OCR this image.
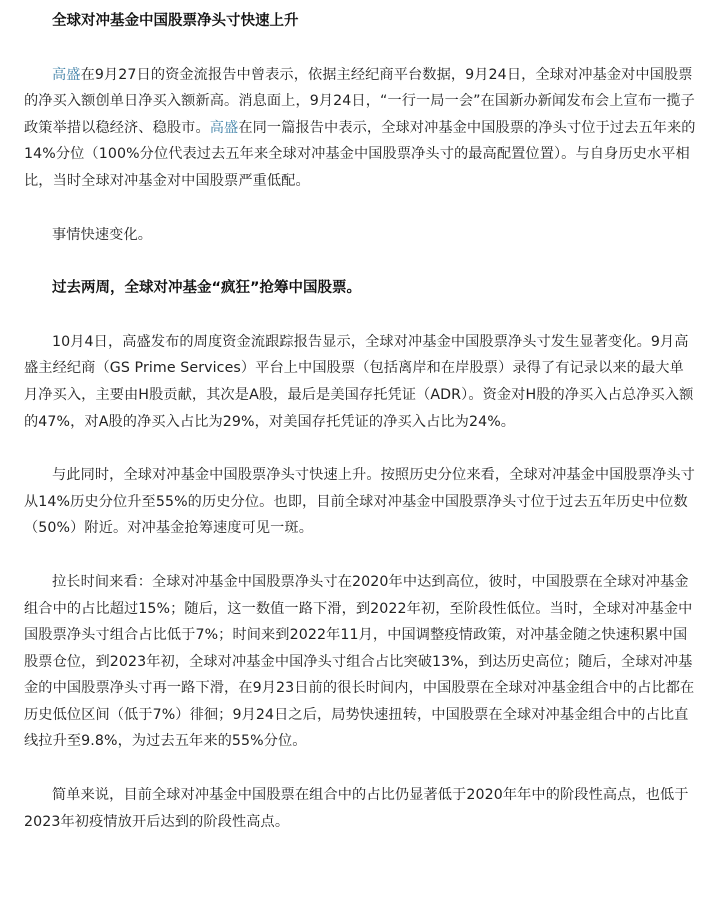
全球对冲基金中国股票净头寸快速上升

高盛在9月27日的资金流报告中曾表示，依据主经纪商平台数据，9月24日，全球对冲基金对中国股票的净买入额创单日净买入额新高。消息面上，9月24日，“一行一局一会”在国新办新闻发布会上宣布一揽子政策举措以稳经济、稳股市。高盛在同一篇报告中表示，全球对冲基金中国股票的净头寸位于过去五年来的14%分位（100%分位代表过去五年来全球对冲基金中国股票净头寸的最高配置位置）。与自身历史水平相比，当时全球对冲基金对中国股票严重低配。

事情快速变化。

过去两周，全球对冲基金“疯狂”抢筹中国股票。

10月4日，高盛发布的周度资金流跟踪报告显示，全球对冲基金中国股票净头寸发生显著变化。9月高盛主经纪商（GS Prime Services）平台上中国股票（包括离岸和在岸股票）录得了有记录以来的最大单月净买入，主要由H股贡献，其次是A股，最后是美国存托凭证（ADR）。资金对H股的净买入占总净买入额的47%，对A股的净买入占比为29%，对美国存托凭证的净买入占比为24%。

与此同时，全球对冲基金中国股票净头寸快速上升。按照历史分位来看，全球对冲基金中国股票净头寸从14%历史分位升至55%的历史分位。也即，目前全球对冲基金中国股票净头寸位于过去五年历史中位数（50%）附近。对冲基金抢筹速度可见一斑。

拉长时间来看：全球对冲基金中国股票净头寸在2020年中达到高位，彼时，中国股票在全球对冲基金组合中的占比超过15%；随后，这一数值一路下滑，到2022年初，至阶段性低位。当时，全球对冲基金中国股票净头寸组合占比低于7%；时间来到2022年11月，中国调整疫情政策，对冲基金随之快速积累中国股票仓位，到2023年初，全球对冲基金中国净头寸组合占比突破13%，到达历史高位；随后，全球对冲基金的中国股票净头寸再一路下滑，在9月23日前的很长时间内，中国股票在全球对冲基金组合中的占比都在历史低位区间（低于7%）徘徊；9月24日之后，局势快速扭转，中国股票在全球对冲基金组合中的占比直线拉升至9.8%，为过去五年来的55%分位。

简单来说，目前全球对冲基金中国股票在组合中的占比仍显著低于2020年年中的阶段性高点，也低于2023年初疫情放开后达到的阶段性高点。
